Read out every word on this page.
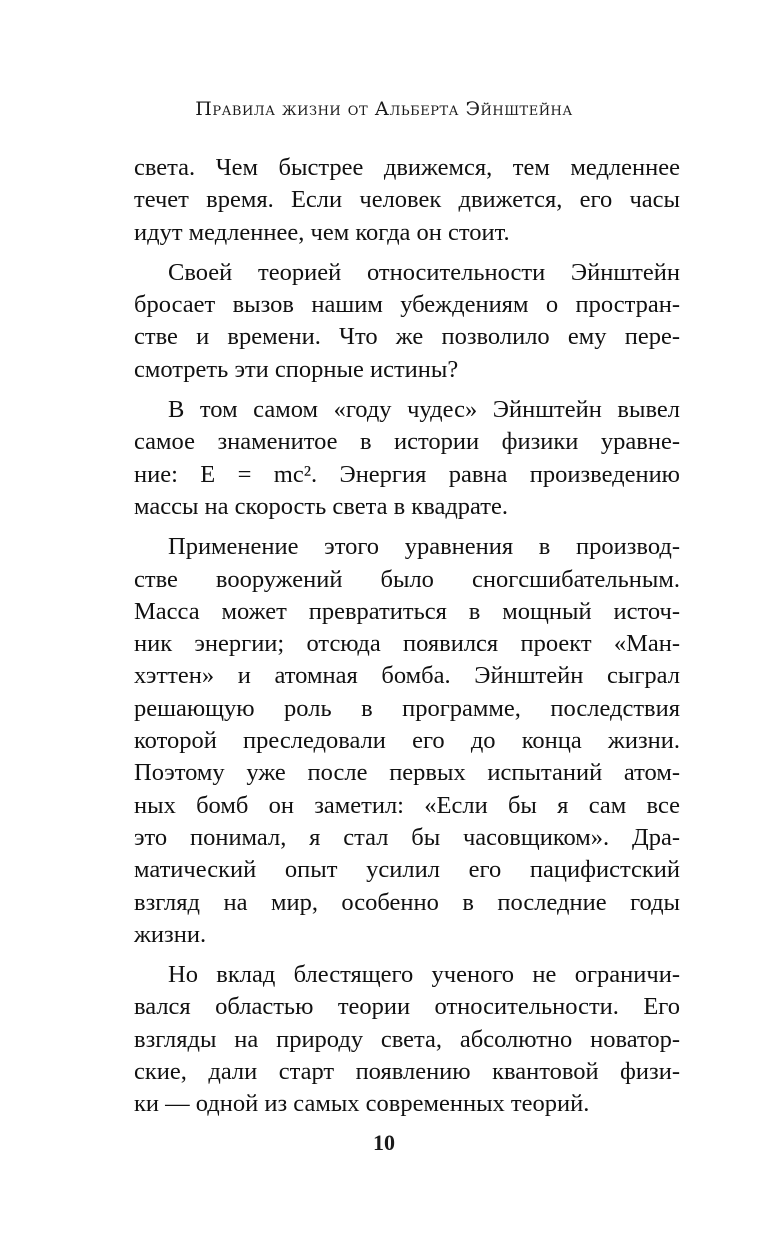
Правила жизни от Альберта Эйнштейна
света. Чем быстрее движемся, тем медленнее
течет время. Если человек движется, его часы
идут медленнее, чем когда он стоит.
Своей теорией относительности Эйнштейн
бросает вызов нашим убеждениям о простран-
стве и времени. Что же позволило ему пере-
смотреть эти спорные истины?
В том самом «году чудес» Эйнштейн вывел
самое знаменитое в истории физики уравне-
ние: E = mc². Энергия равна произведению
массы на скорость света в квадрате.
Применение этого уравнения в производ-
стве вооружений было сногсшибательным.
Масса может превратиться в мощный источ-
ник энергии; отсюда появился проект «Ман-
хэттен» и атомная бомба. Эйнштейн сыграл
решающую роль в программе, последствия
которой преследовали его до конца жизни.
Поэтому уже после первых испытаний атом-
ных бомб он заметил: «Если бы я сам все
это понимал, я стал бы часовщиком». Дра-
матический опыт усилил его пацифистский
взгляд на мир, особенно в последние годы
жизни.
Но вклад блестящего ученого не ограничи-
вался областью теории относительности. Его
взгляды на природу света, абсолютно новатор-
ские, дали старт появлению квантовой физи-
ки — одной из самых современных теорий.
10
